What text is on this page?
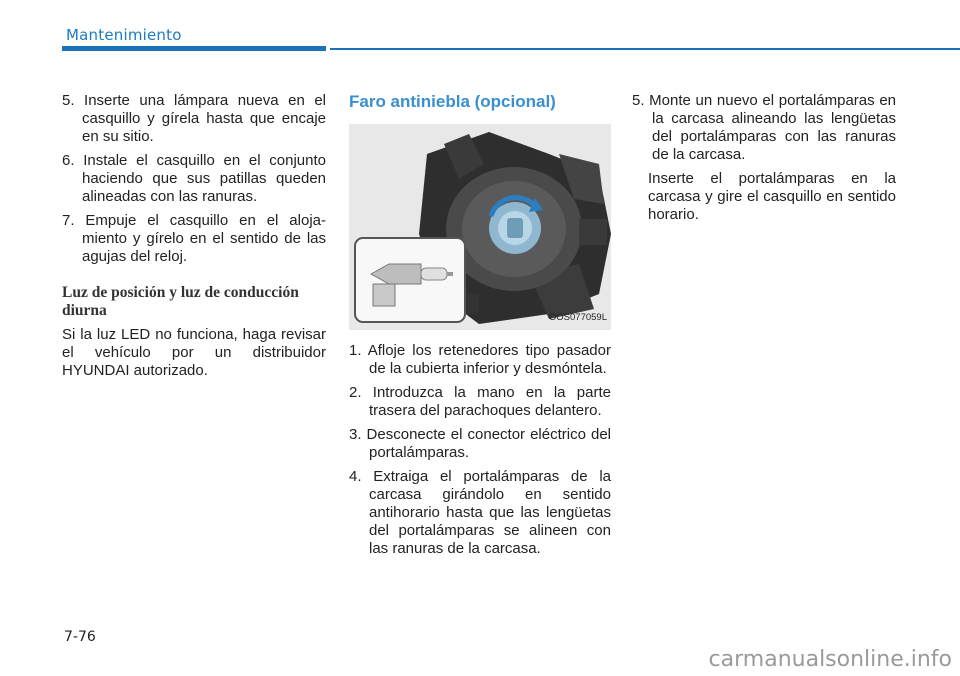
Mantenimiento
5. Inserte una lámpara nueva en el casquillo y gírela hasta que encaje en su sitio.
6. Instale el casquillo en el conjunto haciendo que sus patillas queden alineadas con las ranuras.
7. Empuje el casquillo en el aloja-miento y gírelo en el sentido de las agujas del reloj.
Luz de posición y luz de conducción diurna

Si la luz LED no funciona, haga revisar el vehículo por un distribuidor HYUNDAI autorizado.

Faro antiniebla (opcional)
OOS077059L
1. Afloje los retenedores tipo pasador de la cubierta inferior y desmóntela.
2. Introduzca la mano en la parte trasera del parachoques delantero.
3. Desconecte el conector eléctrico del portalámparas.
4. Extraiga el portalámparas de la carcasa girándolo en sentido antihorario hasta que las lengüetas del portalámparas se alineen con las ranuras de la carcasa.
5. Monte un nuevo el portalámparas en la carcasa alineando las lengüetas del portalámparas con las ranuras de la carcasa.

Inserte el portalámparas en la carcasa y gire el casquillo en sentido horario.

7-76
carmanualsonline.info
